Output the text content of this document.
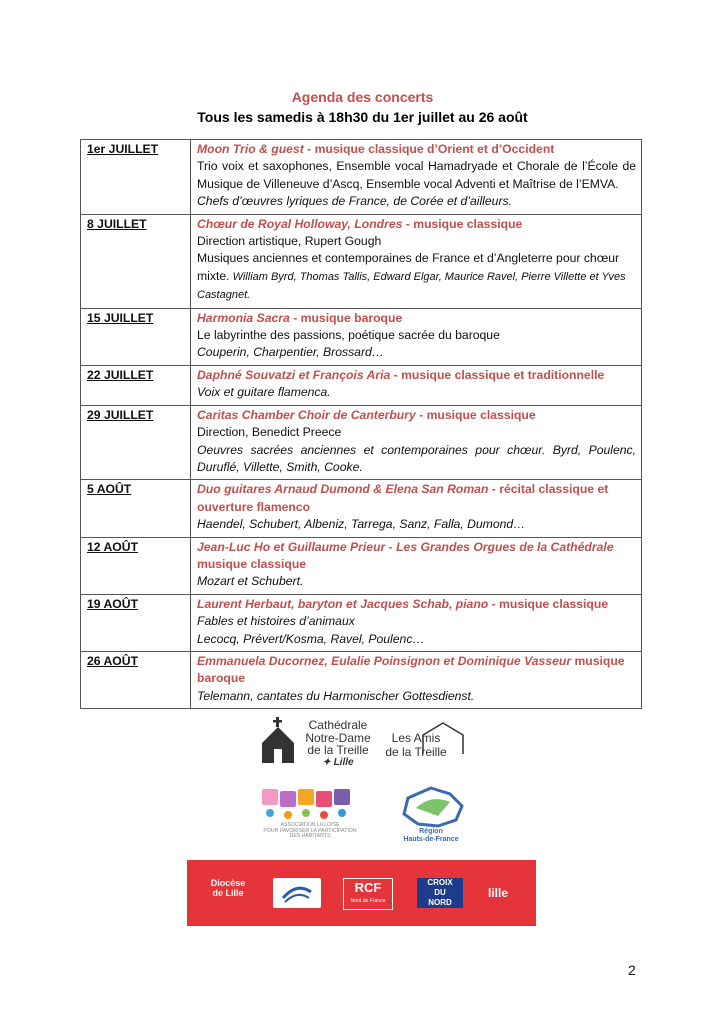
Agenda des concerts

Tous les samedis à 18h30 du 1er juillet au 26 août

1er JUILLET	Moon Trio & guest - musique classique d’Orient et d’Occident
Trio voix et saxophones, Ensemble vocal Hamadryade et Chorale de l’École de Musique de Villeneuve d’Ascq, Ensemble vocal Adventi et Maîtrise de l’EMVA.
Chefs d’œuvres lyriques de France, de Corée et d’ailleurs.

8 JUILLET	Chœur de Royal Holloway, Londres - musique classique
Direction artistique, Rupert Gough
Musiques anciennes et contemporaines de France et d’Angleterre pour chœur mixte. William Byrd, Thomas Tallis, Edward Elgar, Maurice Ravel, Pierre Villette et Yves Castagnet.

15 JUILLET	Harmonia Sacra - musique baroque
Le labyrinthe des passions, poétique sacrée du baroque
Couperin, Charpentier, Brossard…

22 JUILLET	Daphné Souvatzi et François Aria - musique classique et traditionnelle
Voix et guitare flamenca.

29 JUILLET	Caritas Chamber Choir de Canterbury - musique classique
Direction, Benedict Preece
Oeuvres sacrées anciennes et contemporaines pour chœur. Byrd, Poulenc, Duruflé, Villette, Smith, Cooke.

5 AOÛT	Duo guitares Arnaud Dumond & Elena San Roman - récital classique et ouverture flamenco
Haendel, Schubert, Albeniz, Tarrega, Sanz, Falla, Dumond…

12 AOÛT	Jean-Luc Ho et Guillaume Prieur - Les Grandes Orgues de la Cathédrale musique classique
Mozart et Schubert.

19 AOÛT	Laurent Herbaut, baryton et Jacques Schab, piano - musique classique
Fables et histoires d’animaux
Lecocq, Prévert/Kosma, Ravel, Poulenc…

26 AOÛT	Emmanuela Ducornez, Eulalie Poinsignon et Dominique Vasseur musique baroque
Telemann, cantates du Harmonischer Gottesdienst.
Cathédrale
Notre-Dame
de la Treille
✦ Lille
Les Amis
de la Treille
ASSOCIATION LILLOISE
POUR FAVORISER LA PARTICIPATION
DES HABITANTS
Région
Hauts-de-France
Diocèse de Lille	RCF
Nord de France
CROIX
DU
NORD
lille
2
